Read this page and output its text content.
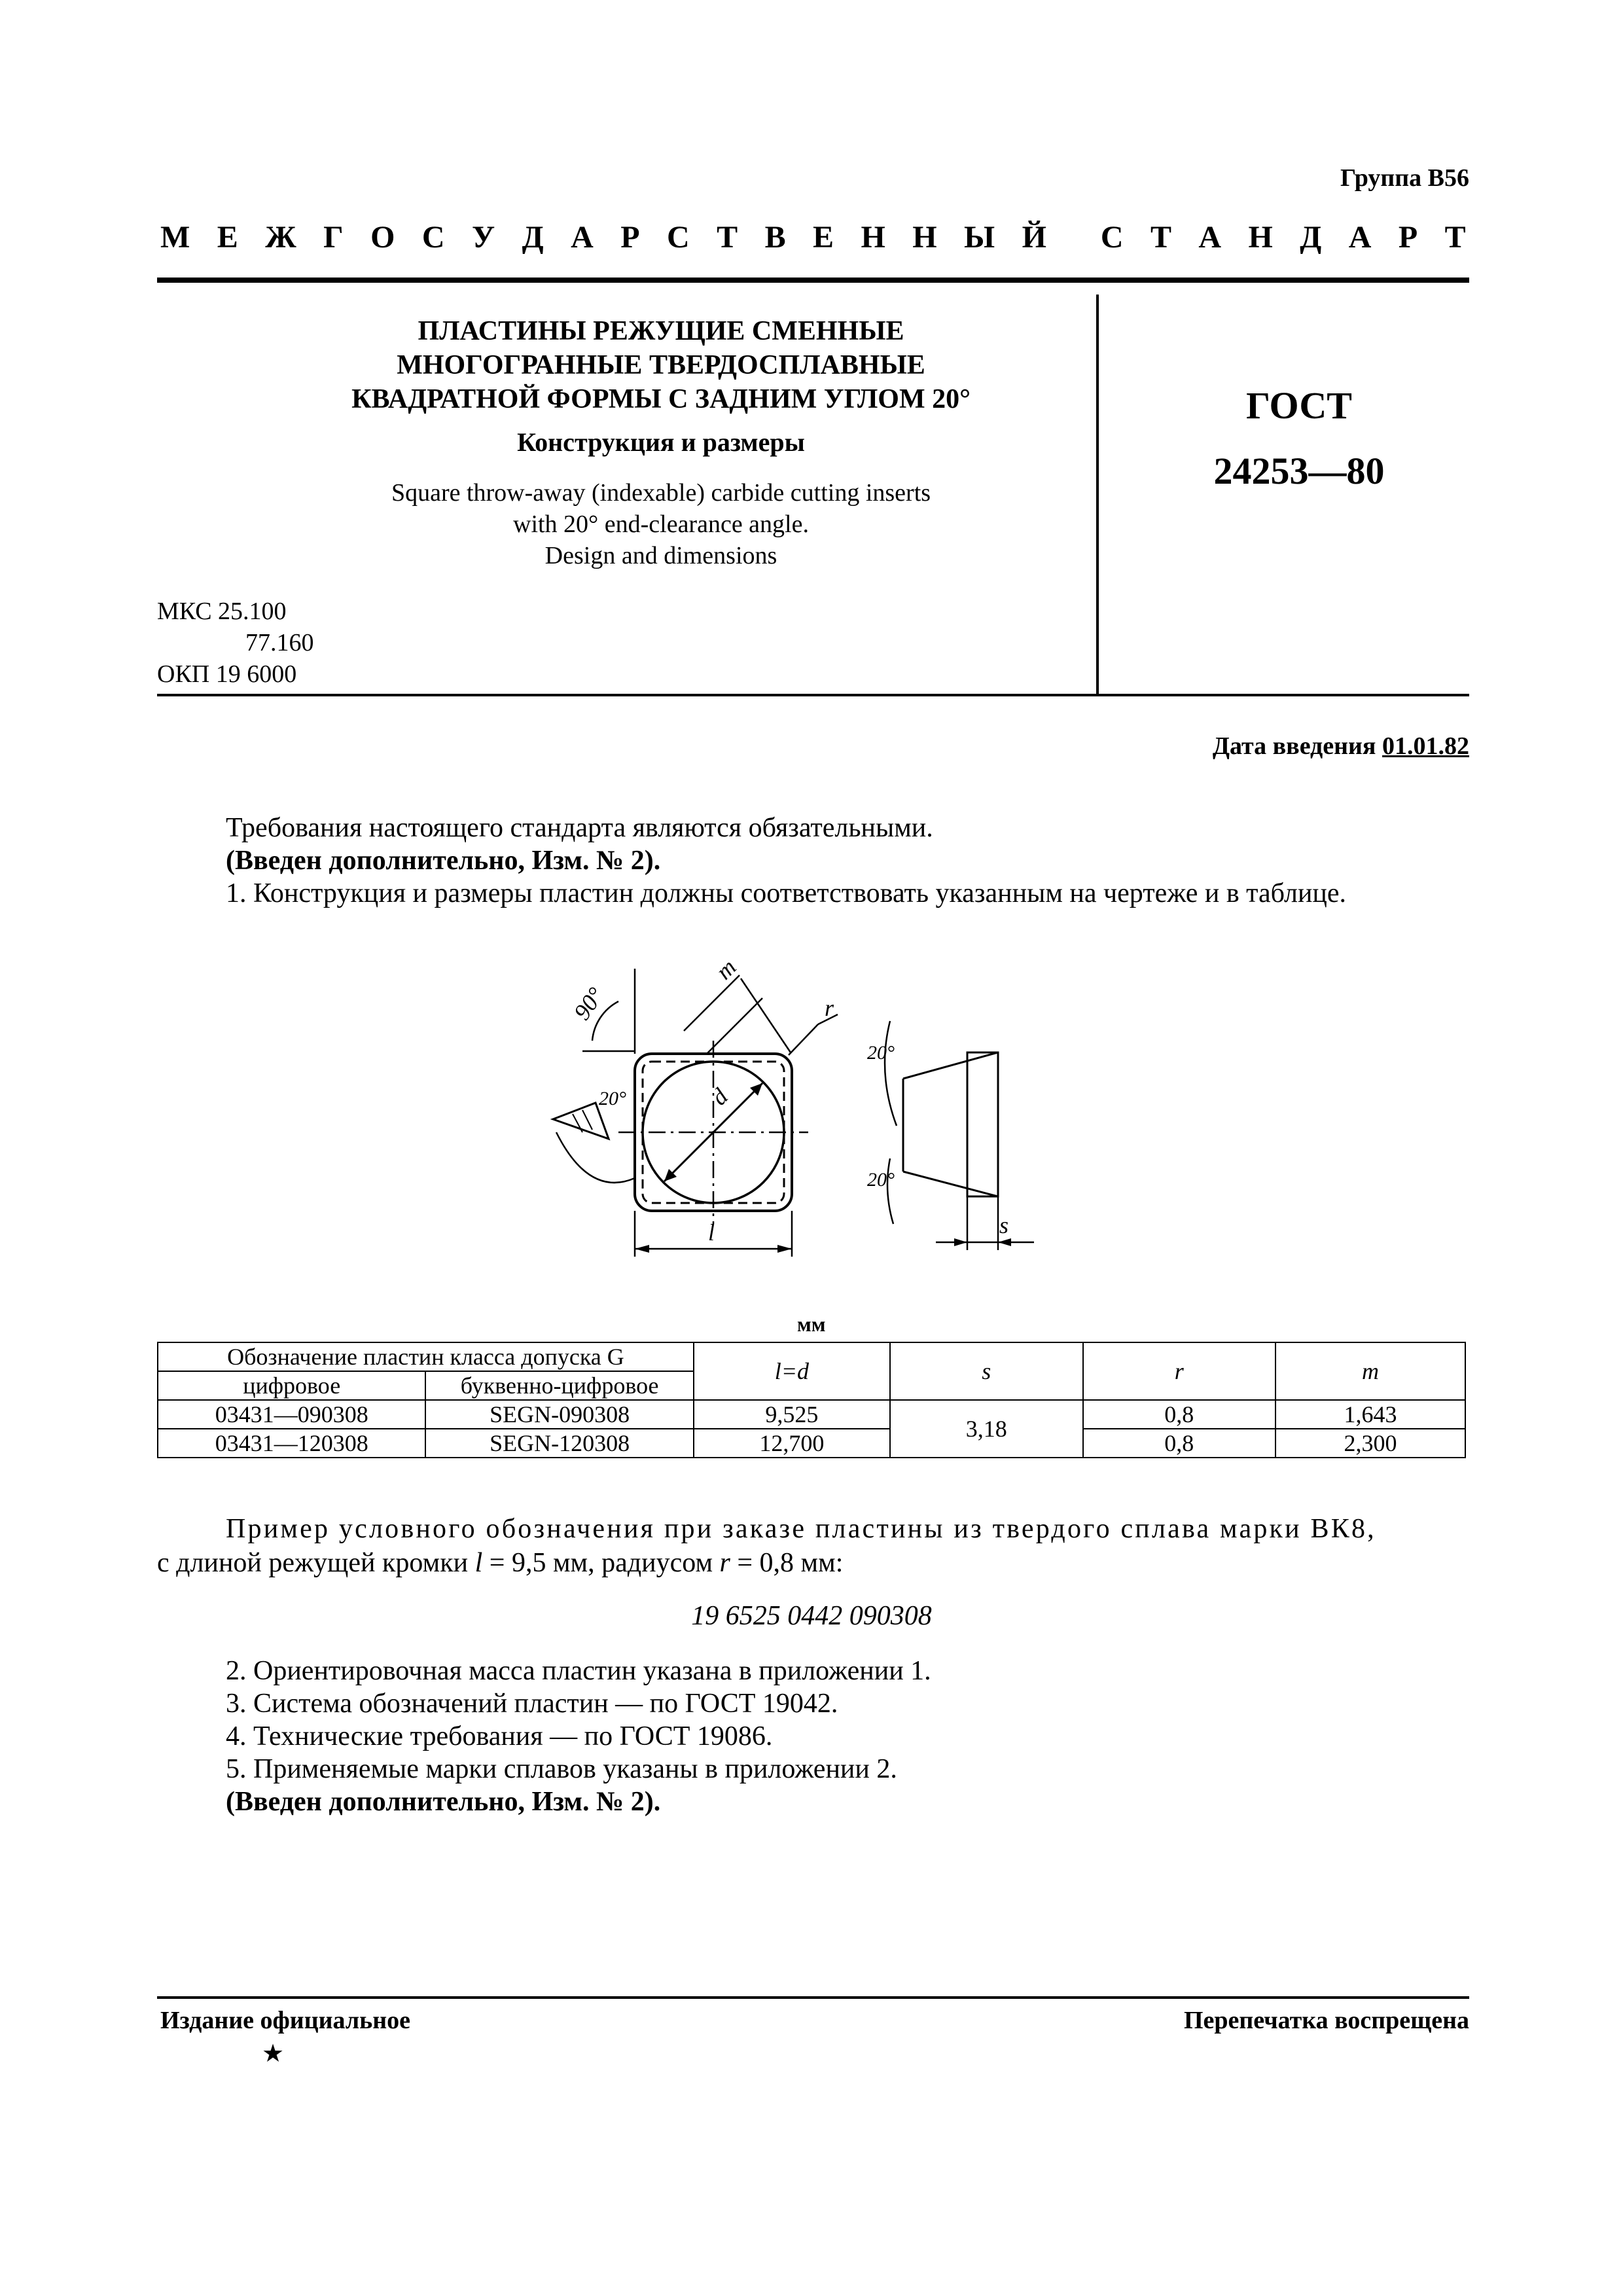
Группа В56
М Е Ж Г О С У Д А Р С Т В Е Н Н Ы Й С Т А Н Д А Р Т
ПЛАСТИНЫ РЕЖУЩИЕ СМЕННЫЕ
МНОГОГРАННЫЕ ТВЕРДОСПЛАВНЫЕ
КВАДРАТНОЙ ФОРМЫ С ЗАДНИМ УГЛОМ 20°
Конструкция и размеры
Square throw-away (indexable) carbide cutting inserts
with 20° end-clearance angle.
Design and dimensions
ГОСТ
24253—80
МКС 25.100
77.160
ОКП 19 6000
Дата введения 01.01.82
Требования настоящего стандарта являются обязательными.
(Введен дополнительно, Изм. № 2).
1. Конструкция и размеры пластин должны соответствовать указанным на чертеже и в таблице.
90°
m
r
20°	d
l
20°
20°
s
мм
Обозначение пластин класса допуска G		l=d	s	r	m
цифровое	буквенно-цифровое				
03431—090308	SEGN-090308	9,525	3,18	0,8	1,643
03431—120308	SEGN-120308	12,700		0,8	2,300
Пример условного обозначения при заказе пластины из твердого сплава марки ВК8,
с длиной режущей кромки l = 9,5 мм, радиусом r = 0,8 мм:
19 6525 0442 090308
2. Ориентировочная масса пластин указана в приложении 1.
3. Система обозначений пластин — по ГОСТ 19042.
4. Технические требования — по ГОСТ 19086.
5. Применяемые марки сплавов указаны в приложении 2.
(Введен дополнительно, Изм. № 2).
Издание официальное	Перепечатка воспрещена
★
